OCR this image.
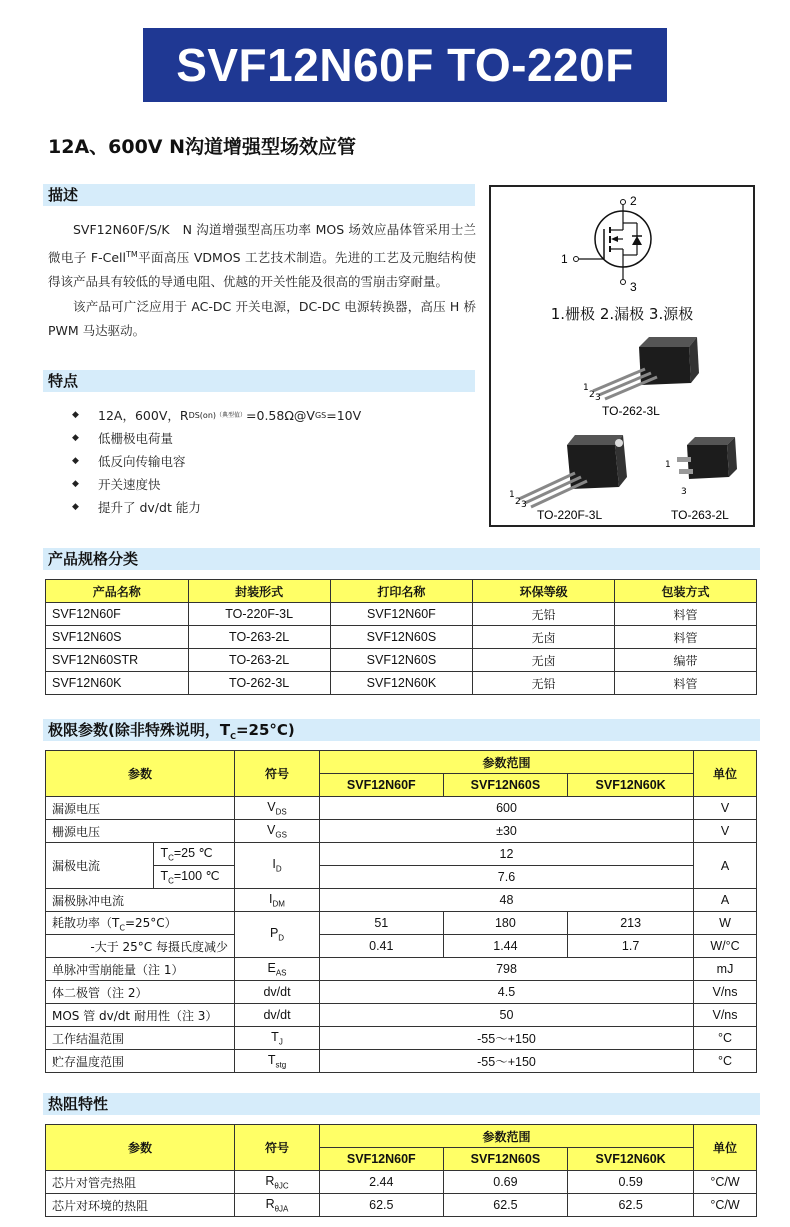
SVF12N60F TO-220F
12A、600V N沟道增强型场效应管
描述

SVF12N60F/S/K　N 沟道增强型高压功率 MOS 场效应晶体管采用士兰微电子 F-Cell™平面高压 VDMOS 工艺技术制造。先进的工艺及元胞结构使得该产品具有较低的导通电阻、优越的开关性能及很高的雪崩击穿耐量。

该产品可广泛应用于 AC-DC 开关电源，DC-DC 电源转换器，高压 H 桥 PWM 马达驱动。

特点
◆	12A，600V，R DS(on) （典型值） =0.58Ω@V GS =10V
◆	低栅极电荷量
◆	低反向传输电容
◆	开关速度快
◆	提升了 dv/dt 能力
2
1
3
1.栅极 2.漏极 3.源极
1
2 3
TO-262-3L
1
2 3
TO-220F-3L
1
3
TO-263-2L
产品规格分类
产品名称	封装形式	打印名称	环保等级	包装方式
SVF12N60F	TO-220F-3L	SVF12N60F	无铅	料管
SVF12N60S	TO-263-2L	SVF12N60S	无卤	料管
SVF12N60STR	TO-263-2L	SVF12N60S	无卤	编带
SVF12N60K	TO-262-3L	SVF12N60K	无铅	料管
极限参数(除非特殊说明，$T_C=25^\circ C$)
参数		符号	参数范围			单位
			SVF12N60F	SVF12N60S	SVF12N60K	
漏源电压		$V_{DS}$	600			V
栅源电压		$V_{GS}$	±30			V
漏极电流	$T_C=25$ ℃	$I_D$	12			A
	$T_C=100$ ℃		7.6			
漏极脉冲电流		$I_{DM}$	48			A
耗散功率$(T_C=25^\circ C)$		$P_D$	51	180	213	W
-大于 25°C 每摄氏度减少			0.41	1.44	1.7	W/°C
单脉冲雪崩能量（注 1）		$E_{AS}$	798			mJ
体二极管（注 2）		dv/dt	4.5			V/ns
MOS 管 dv/dt 耐用性（注 3）		dv/dt	50			V/ns
工作结温范围		$T_J$	-55～+150			°C
贮存温度范围		$T_{stg}$	-55～+150			°C
热阻特性
参数	符号	参数范围			单位
		SVF12N60F	SVF12N60S	SVF12N60K	
芯片对管壳热阻	$R_{\theta JC}$	2.44	0.69	0.59	°C/W
芯片对环境的热阻	$R_{\theta JA}$	62.5	62.5	62.5	°C/W
